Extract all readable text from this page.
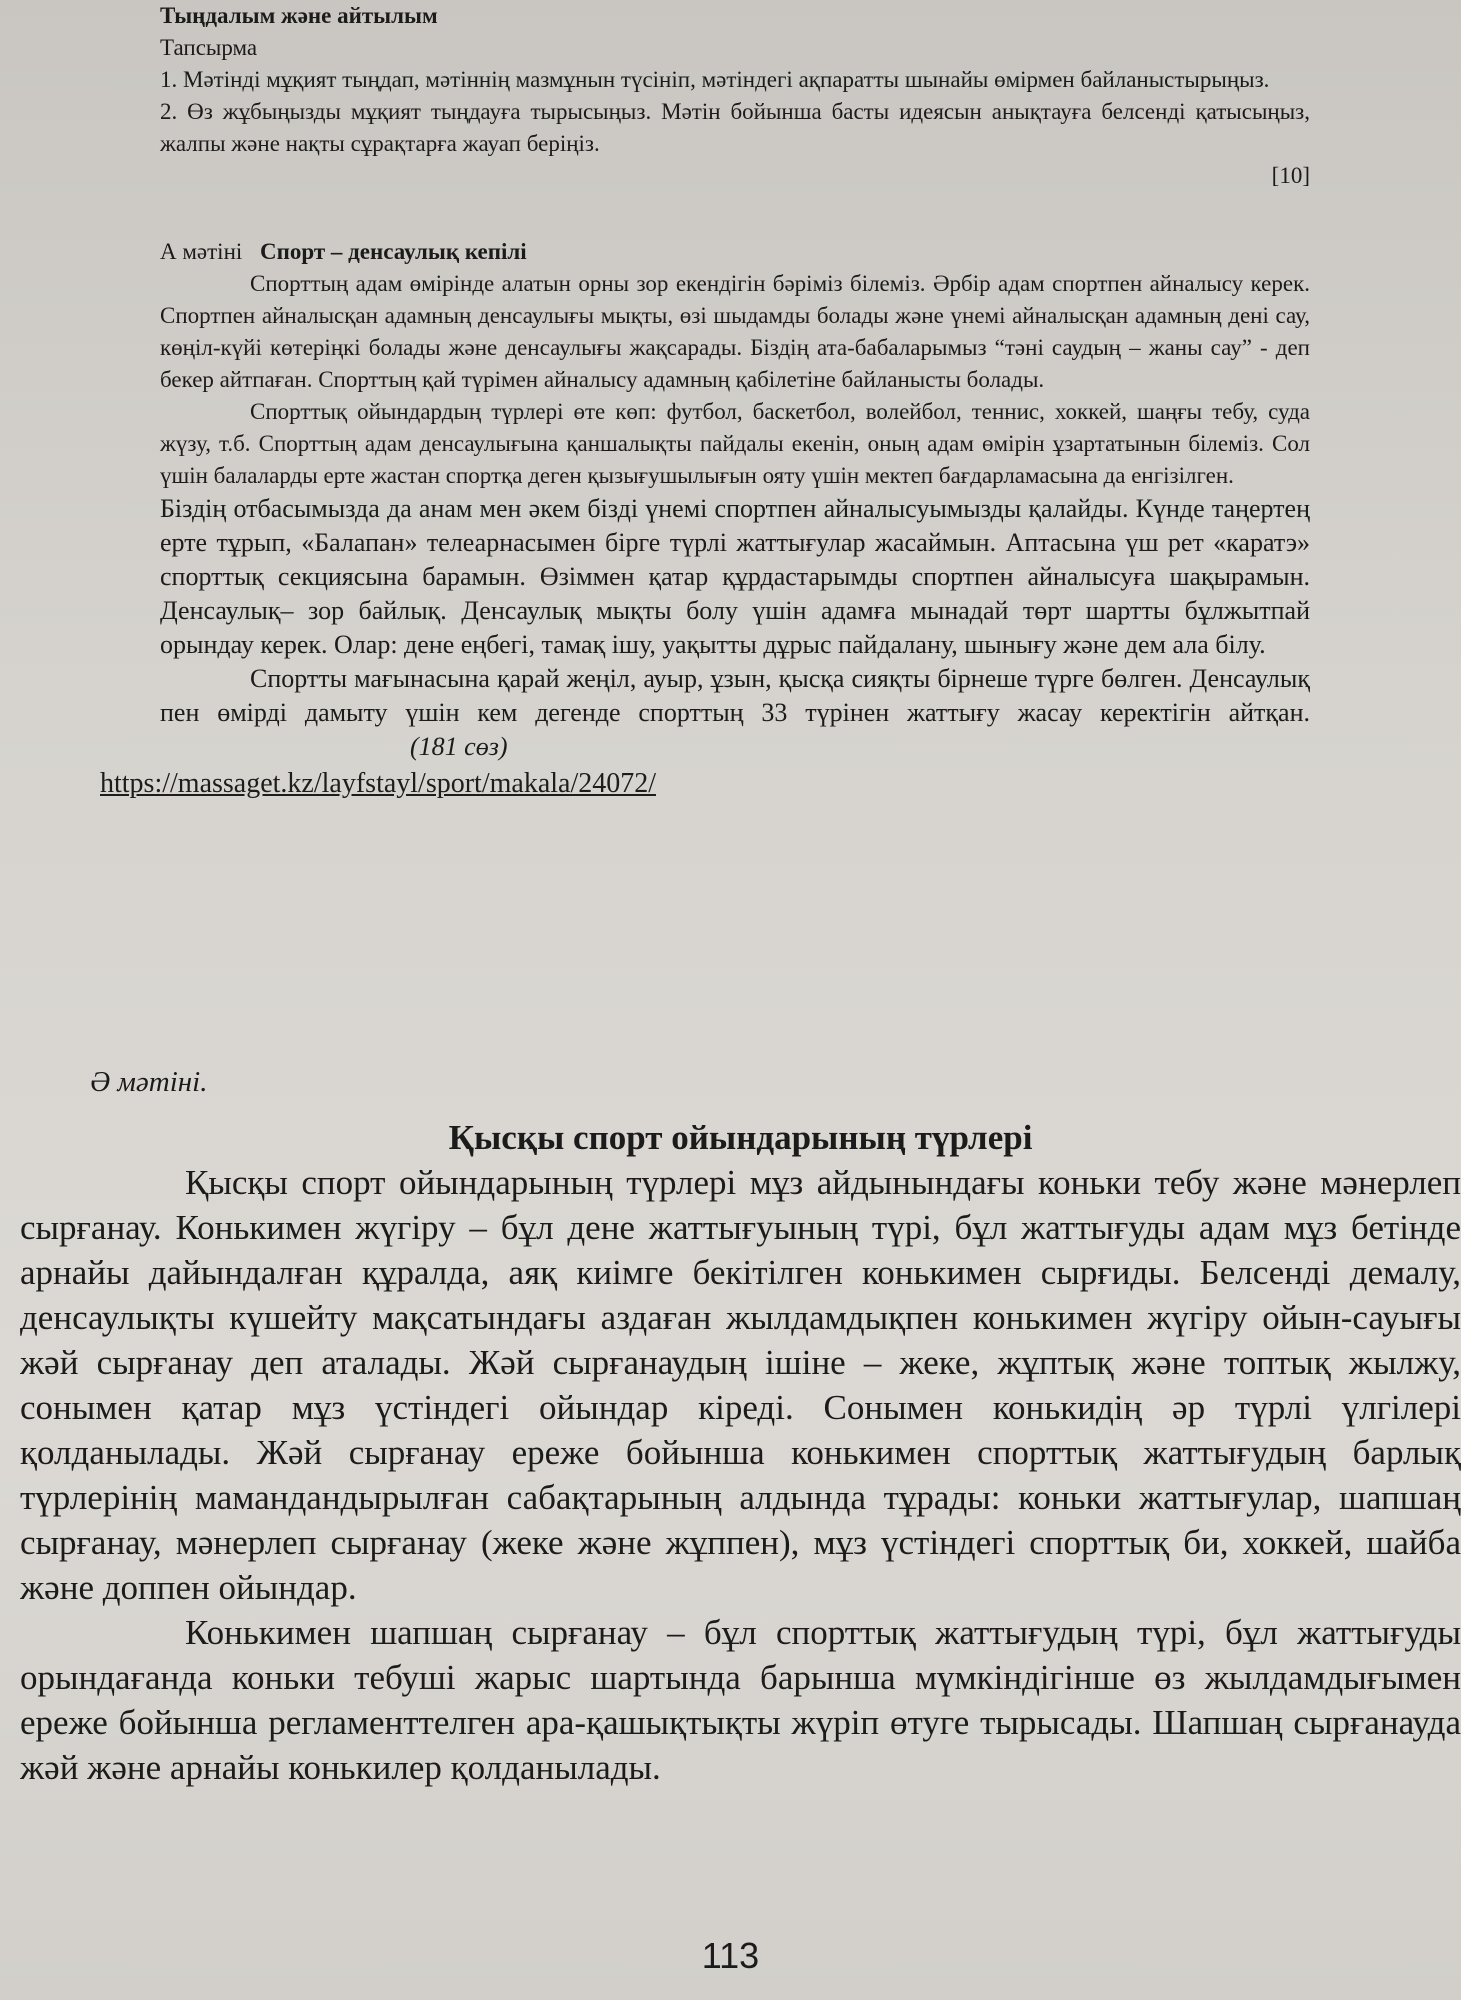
Тыңдалым және айтылым

Тапсырма

1. Мәтінді мұқият тыңдап, мәтіннің мазмұнын түсініп, мәтіндегі ақпаратты шынайы өмірмен байланыстырыңыз.

2. Өз жұбыңызды мұқият тыңдауға тырысыңыз. Мәтін бойынша басты идеясын анықтауға белсенді қатысыңыз, жалпы және нақты сұрақтарға жауап беріңіз.

[10]

А мәтіні Спорт – денсаулық кепілі

Спорттың адам өмірінде алатын орны зор екендігін бәріміз білеміз. Әрбір адам спортпен айналысу керек. Спортпен айналысқан адамның денсаулығы мықты, өзі шыдамды болады және үнемі айналысқан адамның дені сау, көңіл-күйі көтеріңкі болады және денсаулығы жақсарады. Біздің ата-бабаларымыз “тәні саудың – жаны сау” - деп бекер айтпаған. Спорттың қай түрімен айналысу адамның қабілетіне байланысты болады.

Спорттық ойындардың түрлері өте көп: футбол, баскетбол, волейбол, теннис, хоккей, шаңғы тебу, суда жүзу, т.б. Спорттың адам денсаулығына қаншалықты пайдалы екенін, оның адам өмірін ұзартатынын білеміз. Сол үшін балаларды ерте жастан спортқа деген қызығушылығын ояту үшін мектеп бағдарламасына да енгізілген.

Біздің отбасымызда да анам мен әкем бізді үнемі спортпен айналысуымызды қалайды. Күнде таңертең ерте тұрып, «Балапан» телеарнасымен бірге түрлі жаттығулар жасаймын. Аптасына үш рет «каратэ» спорттық секциясына барамын. Өзіммен қатар құрдастарымды спортпен айналысуға шақырамын. Денсаулық– зор байлық. Денсаулық мықты болу үшін адамға мынадай төрт шартты бұлжытпай орындау керек. Олар: дене еңбегі, тамақ ішу, уақытты дұрыс пайдалану, шынығу және дем ала білу.

Спортты мағынасына қарай жеңіл, ауыр, ұзын, қысқа сияқты бірнеше түрге бөлген. Денсаулық пен өмірді дамыту үшін кем дегенде спорттың 33 түрінен жаттығу жасау керектігін айтқан. (181 сөз)

https://massaget.kz/layfstayl/sport/makala/24072/

Ә мәтіні.

Қысқы спорт ойындарының түрлері

Қысқы спорт ойындарының түрлері мұз айдынындағы коньки тебу және мәнерлеп сырғанау. Конькимен жүгіру – бұл дене жаттығуының түрі, бұл жаттығуды адам мұз бетінде арнайы дайындалған құралда, аяқ киімге бекітілген конькимен сырғиды. Белсенді демалу, денсаулықты күшейту мақсатындағы аздаған жылдамдықпен конькимен жүгіру ойын-сауығы жәй сырғанау деп аталады. Жәй сырғанаудың ішіне – жеке, жұптық және топтық жылжу, сонымен қатар мұз үстіндегі ойындар кіреді. Сонымен конькидің әр түрлі үлгілері қолданылады. Жәй сырғанау ереже бойынша конькимен спорттық жаттығудың барлық түрлерінің мамандандырылған сабақтарының алдында тұрады: коньки жаттығулар, шапшаң сырғанау, мәнерлеп сырғанау (жеке және жұппен), мұз үстіндегі спорттық би, хоккей, шайба және доппен ойындар.

Конькимен шапшаң сырғанау – бұл спорттық жаттығудың түрі, бұл жаттығуды орындағанда коньки тебуші жарыс шартында барынша мүмкіндігінше өз жылдамдығымен ереже бойынша регламенттелген ара-қашықтықты жүріп өтуге тырысады. Шапшаң сырғанауда жәй және арнайы конькилер қолданылады.

113
